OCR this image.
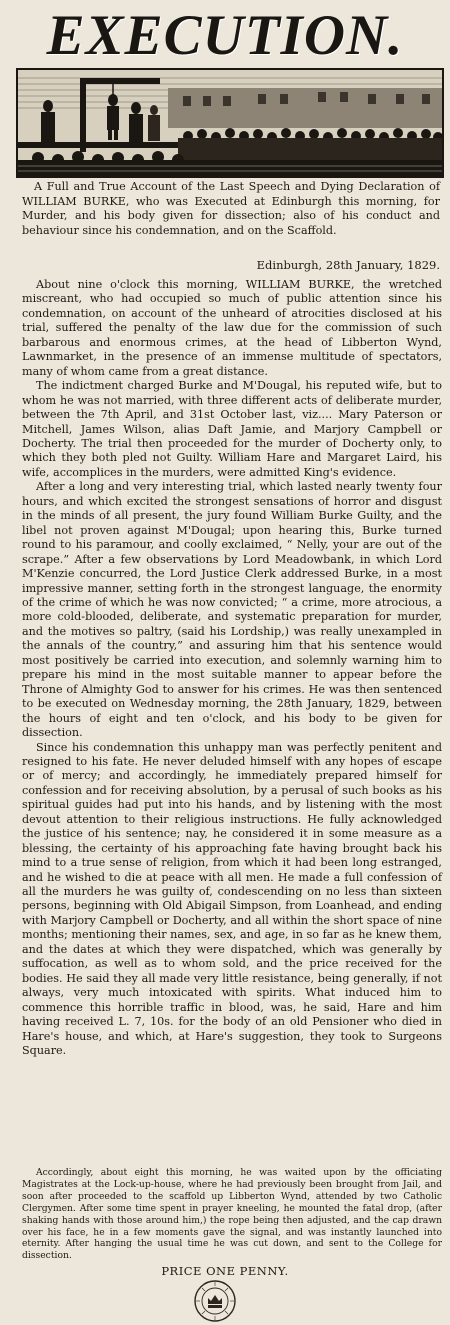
EXECUTION.
A Full and True Account of the Last Speech and Dying Declaration of WILLIAM BURKE, who was Executed at Edinburgh this morning, for Murder, and his body given for dissection; also of his conduct and behaviour since his condemnation, and on the Scaffold.
Edinburgh, 28th January, 1829.

About nine o'clock this morning, WILLIAM BURKE, the wretched miscreant, who had occupied so much of public attention since his condemnation, on account of the unheard of atrocities disclosed at his trial, suffered the penalty of the law due for the commission of such barbarous and enormous crimes, at the head of Libberton Wynd, Lawnmarket, in the presence of an immense multitude of spectators, many of whom came from a great distance.

The indictment charged Burke and M'Dougal, his reputed wife, but to whom he was not married, with three different acts of deliberate murder, between the 7th April, and 31st October last, viz.... Mary Paterson or Mitchell, James Wilson, alias Daft Jamie, and Marjory Campbell or Docherty. The trial then proceeded for the murder of Docherty only, to which they both pled not Guilty. William Hare and Margaret Laird, his wife, accomplices in the murders, were admitted King's evidence.

After a long and very interesting trial, which lasted nearly twenty four hours, and which excited the strongest sensations of horror and disgust in the minds of all present, the jury found William Burke Guilty, and the libel not proven against M'Dougal; upon hearing this, Burke turned round to his paramour, and coolly exclaimed, “ Nelly, your are out of the scrape.” After a few observations by Lord Meadowbank, in which Lord M'Kenzie concurred, the Lord Justice Clerk addressed Burke, in a most impressive manner, setting forth in the strongest language, the enormity of the crime of which he was now convicted; “ a crime, more atrocious, a more cold-blooded, deliberate, and systematic preparation for murder, and the motives so paltry, (said his Lordship,) was really unexampled in the annals of the country,” and assuring him that his sentence would most positively be carried into execution, and solemnly warning him to prepare his mind in the most suitable manner to appear before the Throne of Almighty God to answer for his crimes. He was then sentenced to be executed on Wednesday morning, the 28th January, 1829, between the hours of eight and ten o'clock, and his body to be given for dissection.

Since his condemnation this unhappy man was perfectly penitent and resigned to his fate. He never deluded himself with any hopes of escape or of mercy; and accordingly, he immediately prepared himself for confession and for receiving absolution, by a perusal of such books as his spiritual guides had put into his hands, and by listening with the most devout attention to their religious instructions. He fully acknowledged the justice of his sentence; nay, he considered it in some measure as a blessing, the certainty of his approaching fate having brought back his mind to a true sense of religion, from which it had been long estranged, and he wished to die at peace with all men. He made a full confession of all the murders he was guilty of, condescending on no less than sixteen persons, beginning with Old Abigail Simpson, from Loanhead, and ending with Marjory Campbell or Docherty, and all within the short space of nine months; mentioning their names, sex, and age, in so far as he knew them, and the dates at which they were dispatched, which was generally by suffocation, as well as to whom sold, and the price received for the bodies. He said they all made very little resistance, being generally, if not always, very much intoxicated with spirits. What induced him to commence this horrible traffic in blood, was, he said, Hare and him having received L. 7, 10s. for the body of an old Pensioner who died in Hare's house, and which, at Hare's suggestion, they took to Surgeons Square.

Accordingly, about eight this morning, he was waited upon by the officiating Magistrates at the Lock-up-house, where he had previously been brought from Jail, and soon after proceeded to the scaffold up Libberton Wynd, attended by two Catholic Clergymen. After some time spent in prayer kneeling, he mounted the fatal drop, (after shaking hands with those around him,) the rope being then adjusted, and the cap drawn over his face, he in a few moments gave the signal, and was instantly launched into eternity. After hanging the usual time he was cut down, and sent to the College for dissection.
PRICE ONE PENNY.
